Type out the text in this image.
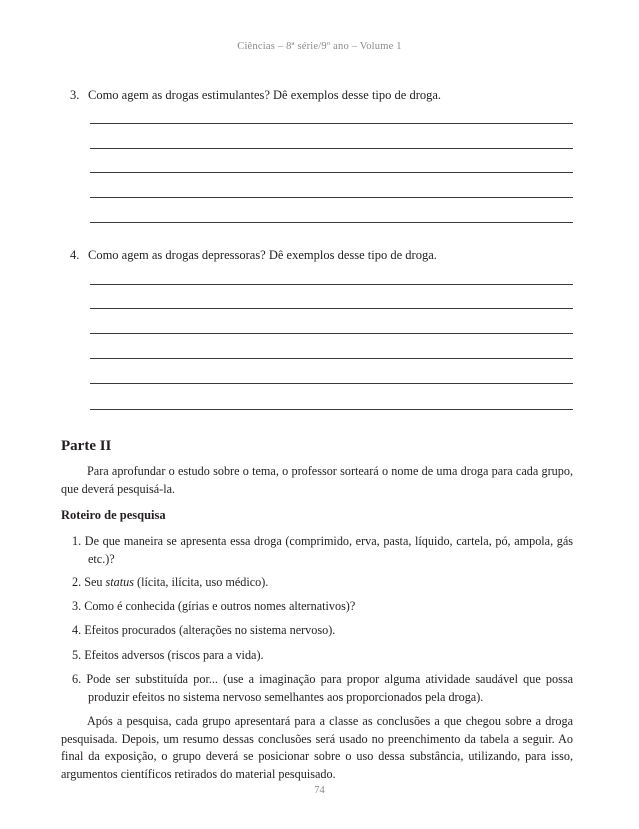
Ciências – 8ª série/9º ano – Volume 1
3. Como agem as drogas estimulantes? Dê exemplos desse tipo de droga.
4. Como agem as drogas depressoras? Dê exemplos desse tipo de droga.
Parte II
Para aprofundar o estudo sobre o tema, o professor sorteará o nome de uma droga para cada grupo, que deverá pesquisá-la.
Roteiro de pesquisa
1. De que maneira se apresenta essa droga (comprimido, erva, pasta, líquido, cartela, pó, ampola, gás etc.)?
2. Seu status (lícita, ilícita, uso médico).
3. Como é conhecida (gírias e outros nomes alternativos)?
4. Efeitos procurados (alterações no sistema nervoso).
5. Efeitos adversos (riscos para a vida).
6. Pode ser substituída por... (use a imaginação para propor alguma atividade saudável que possa produzir efeitos no sistema nervoso semelhantes aos proporcionados pela droga).
Após a pesquisa, cada grupo apresentará para a classe as conclusões a que chegou sobre a droga pesquisada. Depois, um resumo dessas conclusões será usado no preenchimento da tabela a seguir. Ao final da exposição, o grupo deverá se posicionar sobre o uso dessa substância, utilizando, para isso, argumentos científicos retirados do material pesquisado.
74
